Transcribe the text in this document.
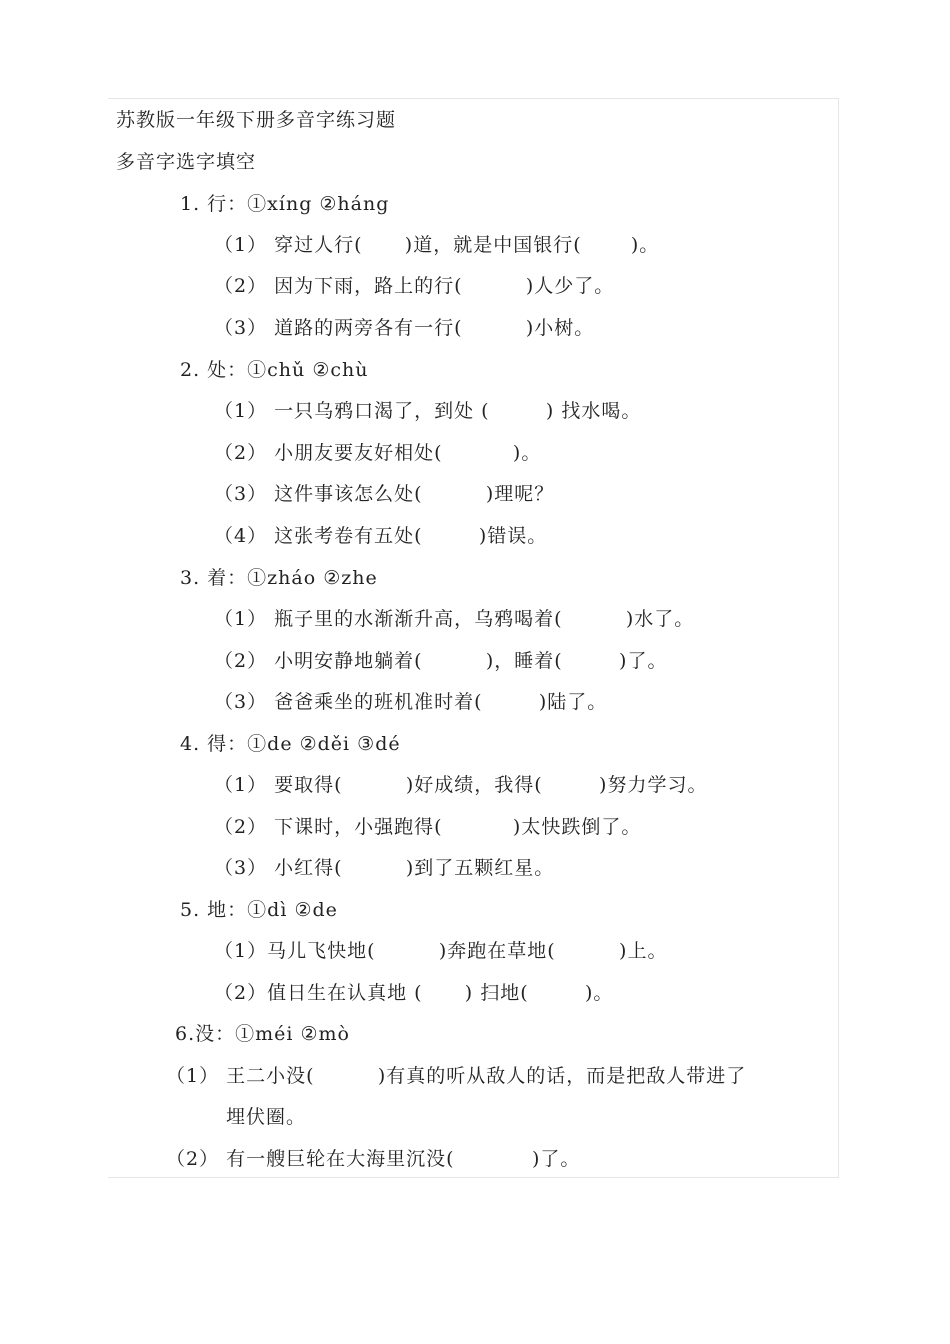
苏教版一年级下册多音字练习题
多音字选字填空
1. 行：①xíng ②háng
（1） 穿过人行(      )道，就是中国银行(       )。
（2） 因为下雨，路上的行(         )人少了。
（3） 道路的两旁各有一行(         )小树。
2. 处：①chǔ ②chù
（1） 一只乌鸦口渴了，到处 (        ) 找水喝。
（2） 小朋友要友好相处(          )。
（3） 这件事该怎么处(         )理呢？
（4） 这张考卷有五处(        )错误。
3. 着：①zháo ②zhe
（1） 瓶子里的水渐渐升高，乌鸦喝着(         )水了。
（2） 小明安静地躺着(         )，睡着(        )了。
（3） 爸爸乘坐的班机准时着(        )陆了。
4. 得：①de ②děi ③dé
（1） 要取得(         )好成绩，我得(        )努力学习。
（2） 下课时，小强跑得(          )太快跌倒了。
（3） 小红得(         )到了五颗红星。
5. 地：①dì ②de
（1）马儿飞快地(         )奔跑在草地(         )上。
（2）值日生在认真地 (      ) 扫地(        )。
6.没：①méi ②mò
（1） 王二小没(         )有真的听从敌人的话，而是把敌人带进了
埋伏圈。
（2） 有一艘巨轮在大海里沉没(           )了。
